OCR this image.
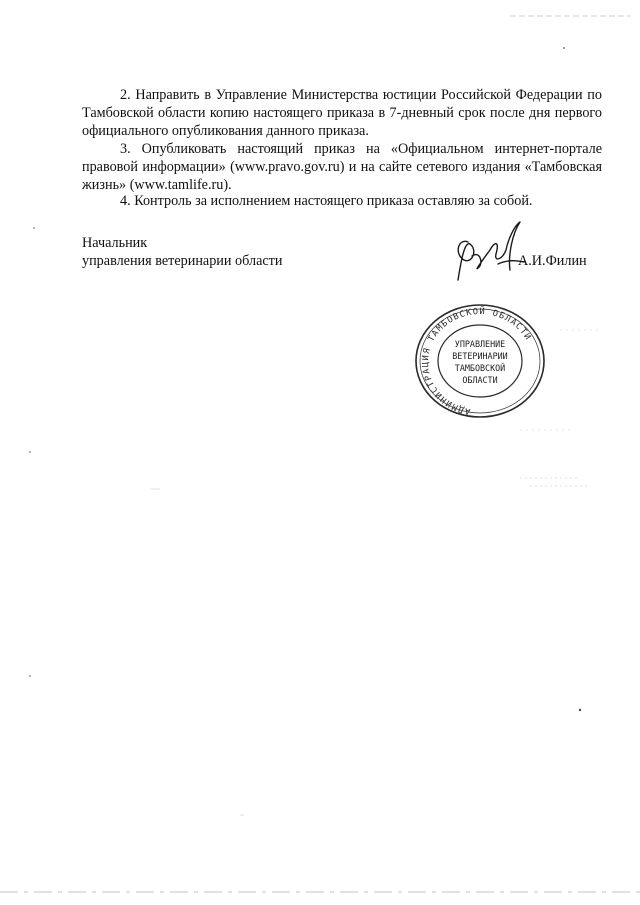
2. Направить в Управление Министерства юстиции Российской Федерации по Тамбовской области копию настоящего приказа в 7-дневный срок после дня первого официального опубликования данного приказа.

3. Опубликовать настоящий приказ на «Официальном интернет-портале правовой информации» (www.pravo.gov.ru) и на сайте сетевого издания «Тамбовская жизнь» (www.tamlife.ru).

4. Контроль за исполнением настоящего приказа оставляю за собой.

Начальник
управления ветеринарии области	А.И.Филин
АДМИНИСТРАЦИЯ ТАМБОВСКОЙ ОБЛАСТИ
УПРАВЛЕНИЕ
ВЕТЕРИНАРИИ
ТАМБОВСКОЙ
ОБЛАСТИ
